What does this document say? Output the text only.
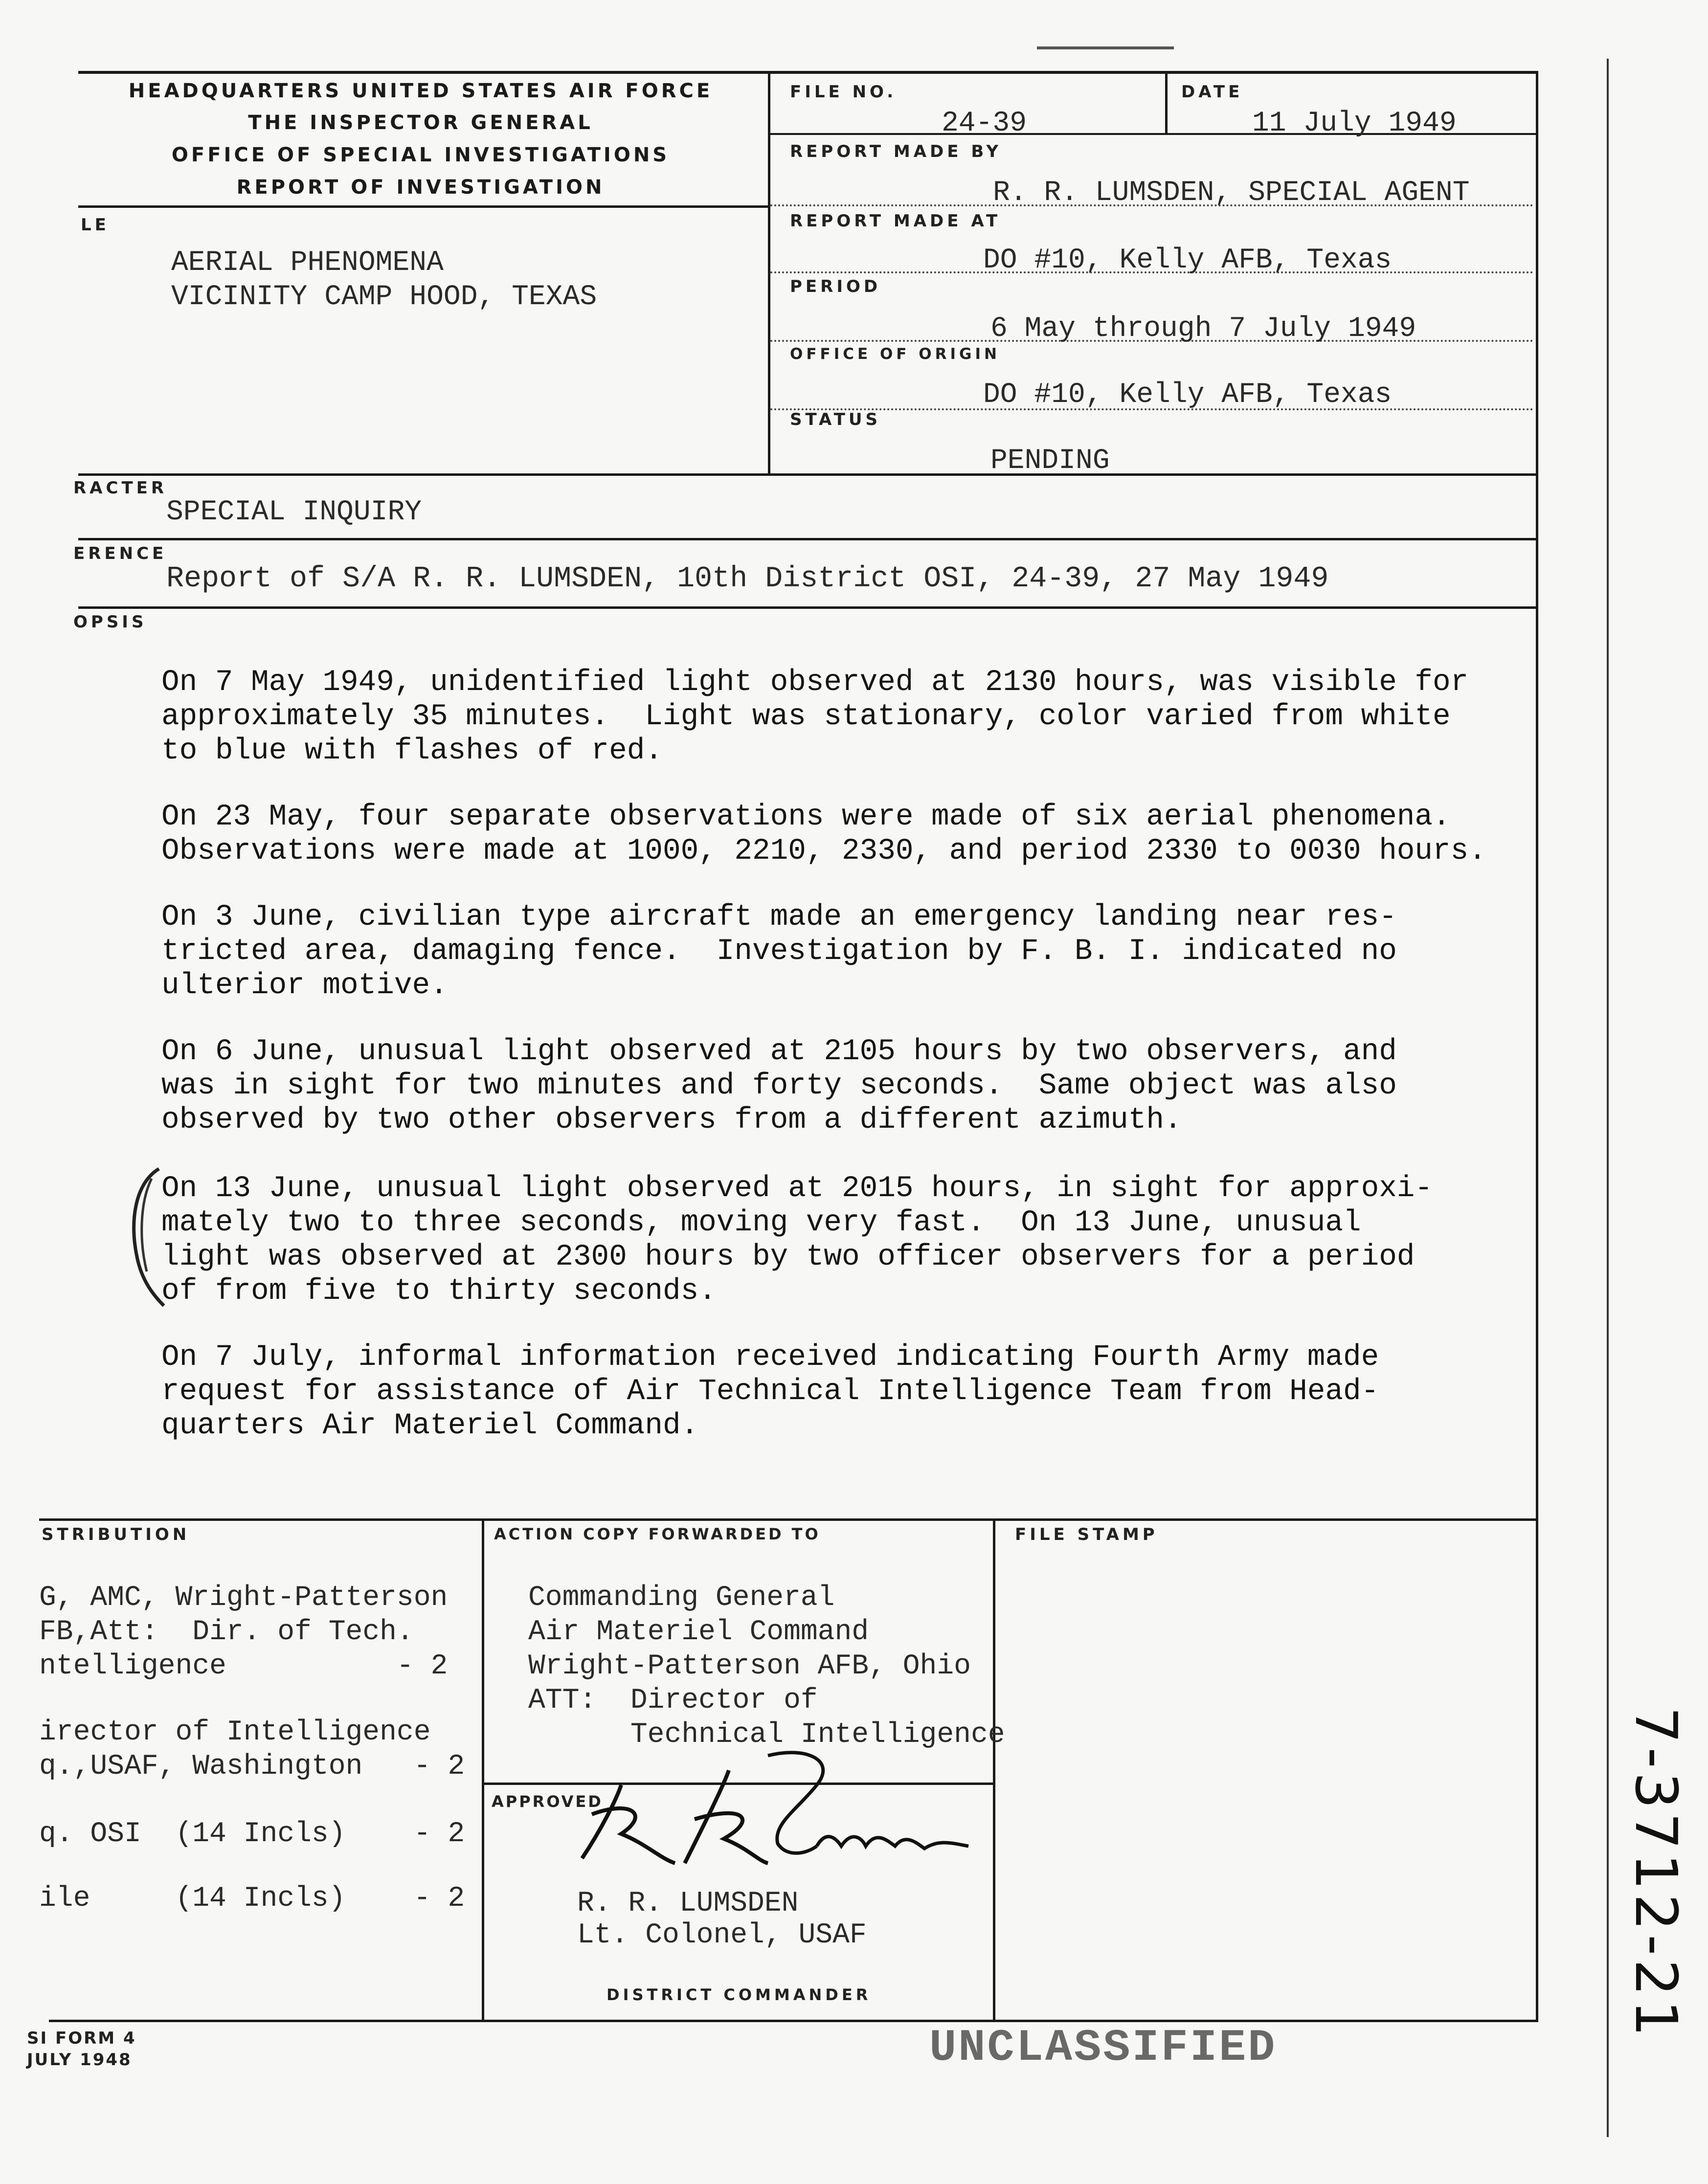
HEADQUARTERS UNITED STATES AIR FORCE
THE INSPECTOR GENERAL
OFFICE OF SPECIAL INVESTIGATIONS
REPORT OF INVESTIGATION
FILE NO.
24-39
DATE
11 July 1949
REPORT MADE BY
R. R. LUMSDEN, SPECIAL AGENT
REPORT MADE AT
DO #10, Kelly AFB, Texas
PERIOD
6 May through 7 July 1949
OFFICE OF ORIGIN
DO #10, Kelly AFB, Texas
STATUS
PENDING
LE
AERIAL PHENOMENA
VICINITY CAMP HOOD, TEXAS
RACTER
SPECIAL INQUIRY
ERENCE
Report of S/A R. R. LUMSDEN, 10th District OSI, 24-39, 27 May 1949
OPSIS
On 7 May 1949, unidentified light observed at 2130 hours, was visible for
approximately 35 minutes.  Light was stationary, color varied from white
to blue with flashes of red.
On 23 May, four separate observations were made of six aerial phenomena.
Observations were made at 1000, 2210, 2330, and period 2330 to 0030 hours.
On 3 June, civilian type aircraft made an emergency landing near res-
tricted area, damaging fence.  Investigation by F. B. I. indicated no
ulterior motive.
On 6 June, unusual light observed at 2105 hours by two observers, and
was in sight for two minutes and forty seconds.  Same object was also
observed by two other observers from a different azimuth.
On 13 June, unusual light observed at 2015 hours, in sight for approxi-
mately two to three seconds, moving very fast.  On 13 June, unusual
light was observed at 2300 hours by two officer observers for a period
of from five to thirty seconds.
On 7 July, informal information received indicating Fourth Army made
request for assistance of Air Technical Intelligence Team from Head-
quarters Air Materiel Command.
STRIBUTION
G, AMC, Wright-Patterson
FB,Att:  Dir. of Tech.
ntelligence          - 2
irector of Intelligence
q.,USAF, Washington   - 2
q. OSI  (14 Incls)    - 2
ile     (14 Incls)    - 2
ACTION COPY FORWARDED TO
Commanding General
Air Materiel Command
Wright-Patterson AFB, Ohio
ATT:  Director of
Technical Intelligence
FILE STAMP
APPROVED
R. R. LUMSDEN
Lt. Colonel, USAF
DISTRICT COMMANDER
SI FORM 4
JULY 1948	UNCLASSIFIED
7-3712-21
